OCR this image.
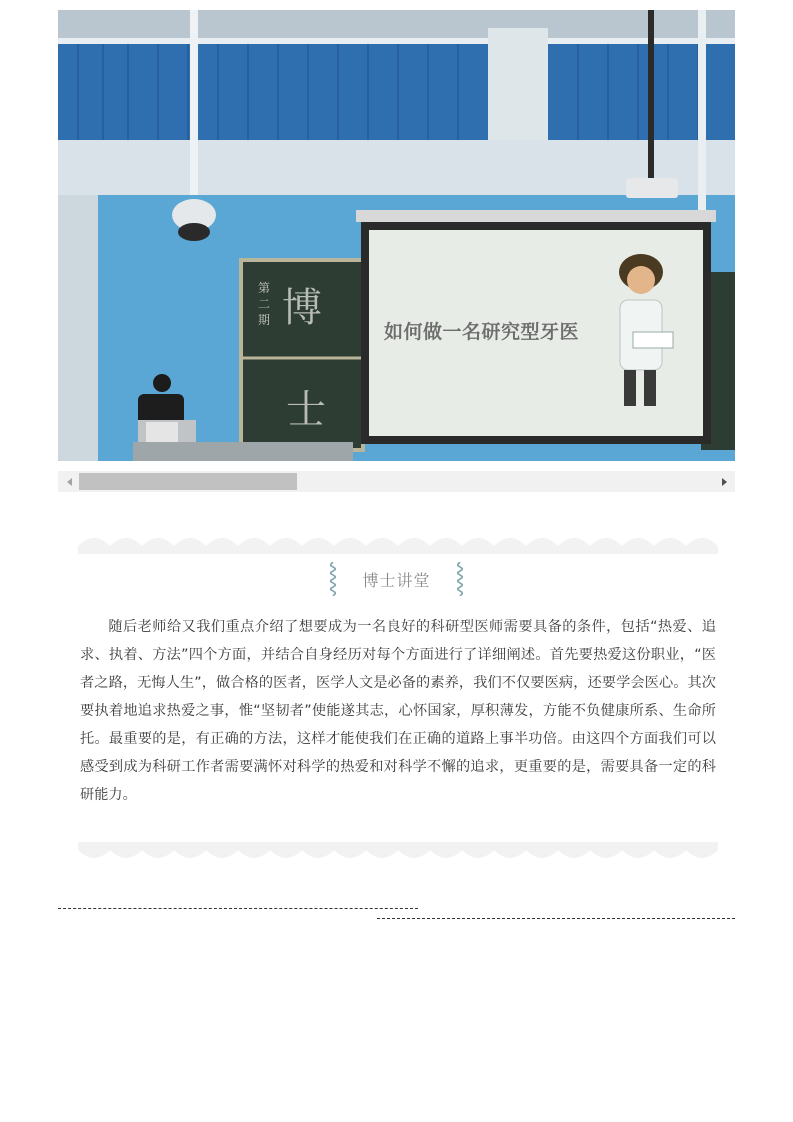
如何做一名研究型牙医
第二期 博
士
博士讲堂

随后老师给又我们重点介绍了想要成为一名良好的科研型医师需要具备的条件，包括“热爱、追求、执着、方法”四个方面，并结合自身经历对每个方面进行了详细阐述。首先要热爱这份职业，“医者之路，无悔人生”，做合格的医者，医学人文是必备的素养，我们不仅要医病，还要学会医心。其次要执着地追求热爱之事，惟“坚韧者”使能遂其志，心怀国家，厚积薄发，方能不负健康所系、生命所托。最重要的是，有正确的方法，这样才能使我们在正确的道路上事半功倍。由这四个方面我们可以感受到成为科研工作者需要满怀对科学的热爱和对科学不懈的追求，更重要的是，需要具备一定的科研能力。
